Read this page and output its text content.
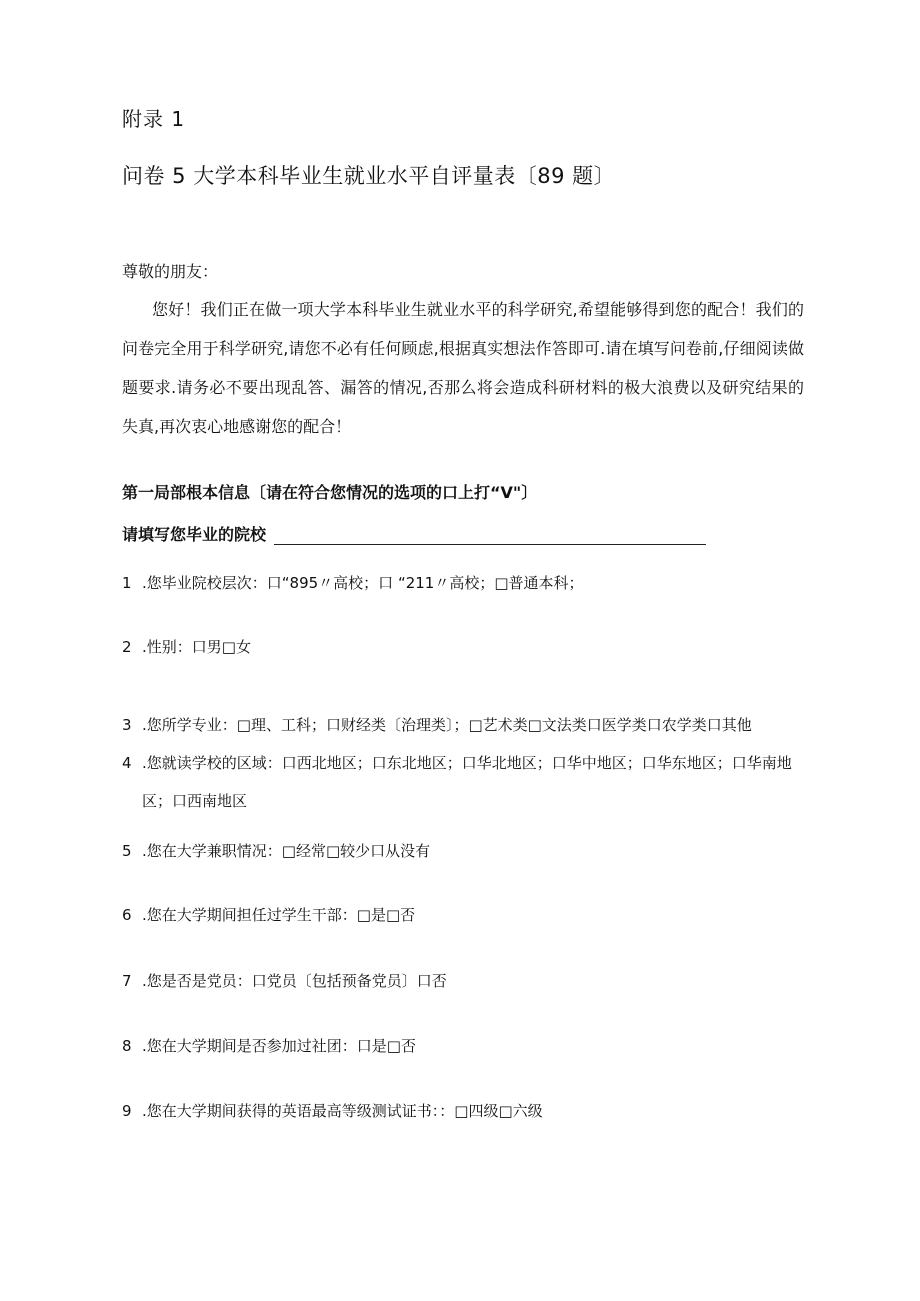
附录 1
问卷 5 大学本科毕业生就业水平自评量表〔89 题〕
尊敬的朋友：
您好！我们正在做一项大学本科毕业生就业水平的科学研究,希望能够得到您的配合！我们的问卷完全用于科学研究,请您不必有任何顾虑,根据真实想法作答即可.请在填写问卷前,仔细阅读做题要求.请务必不要出现乱答、漏答的情况,否那么将会造成科研材料的极大浪费以及研究结果的失真,再次衷心地感谢您的配合！
第一局部根本信息〔请在符合您情况的选项的口上打“V"〕
请填写您毕业的院校
1 .您毕业院校层次：口“895〃高校；口 “211〃高校；□普通本科；
2 .性别：口男□女
3 .您所学专业：□理、工科；口财经类〔治理类〕；□艺术类□文法类口医学类口农学类口其他
4 .您就读学校的区域：口西北地区；口东北地区；口华北地区；口华中地区；口华东地区；口华南地区；口西南地区
5 .您在大学兼职情况：□经常□较少口从没有
6 .您在大学期间担任过学生干部：□是□否
7 .您是否是党员：口党员〔包括预备党员〕口否
8 .您在大学期间是否参加过社团：口是□否
9 .您在大学期间获得的英语最高等级测试证书：：□四级□六级
